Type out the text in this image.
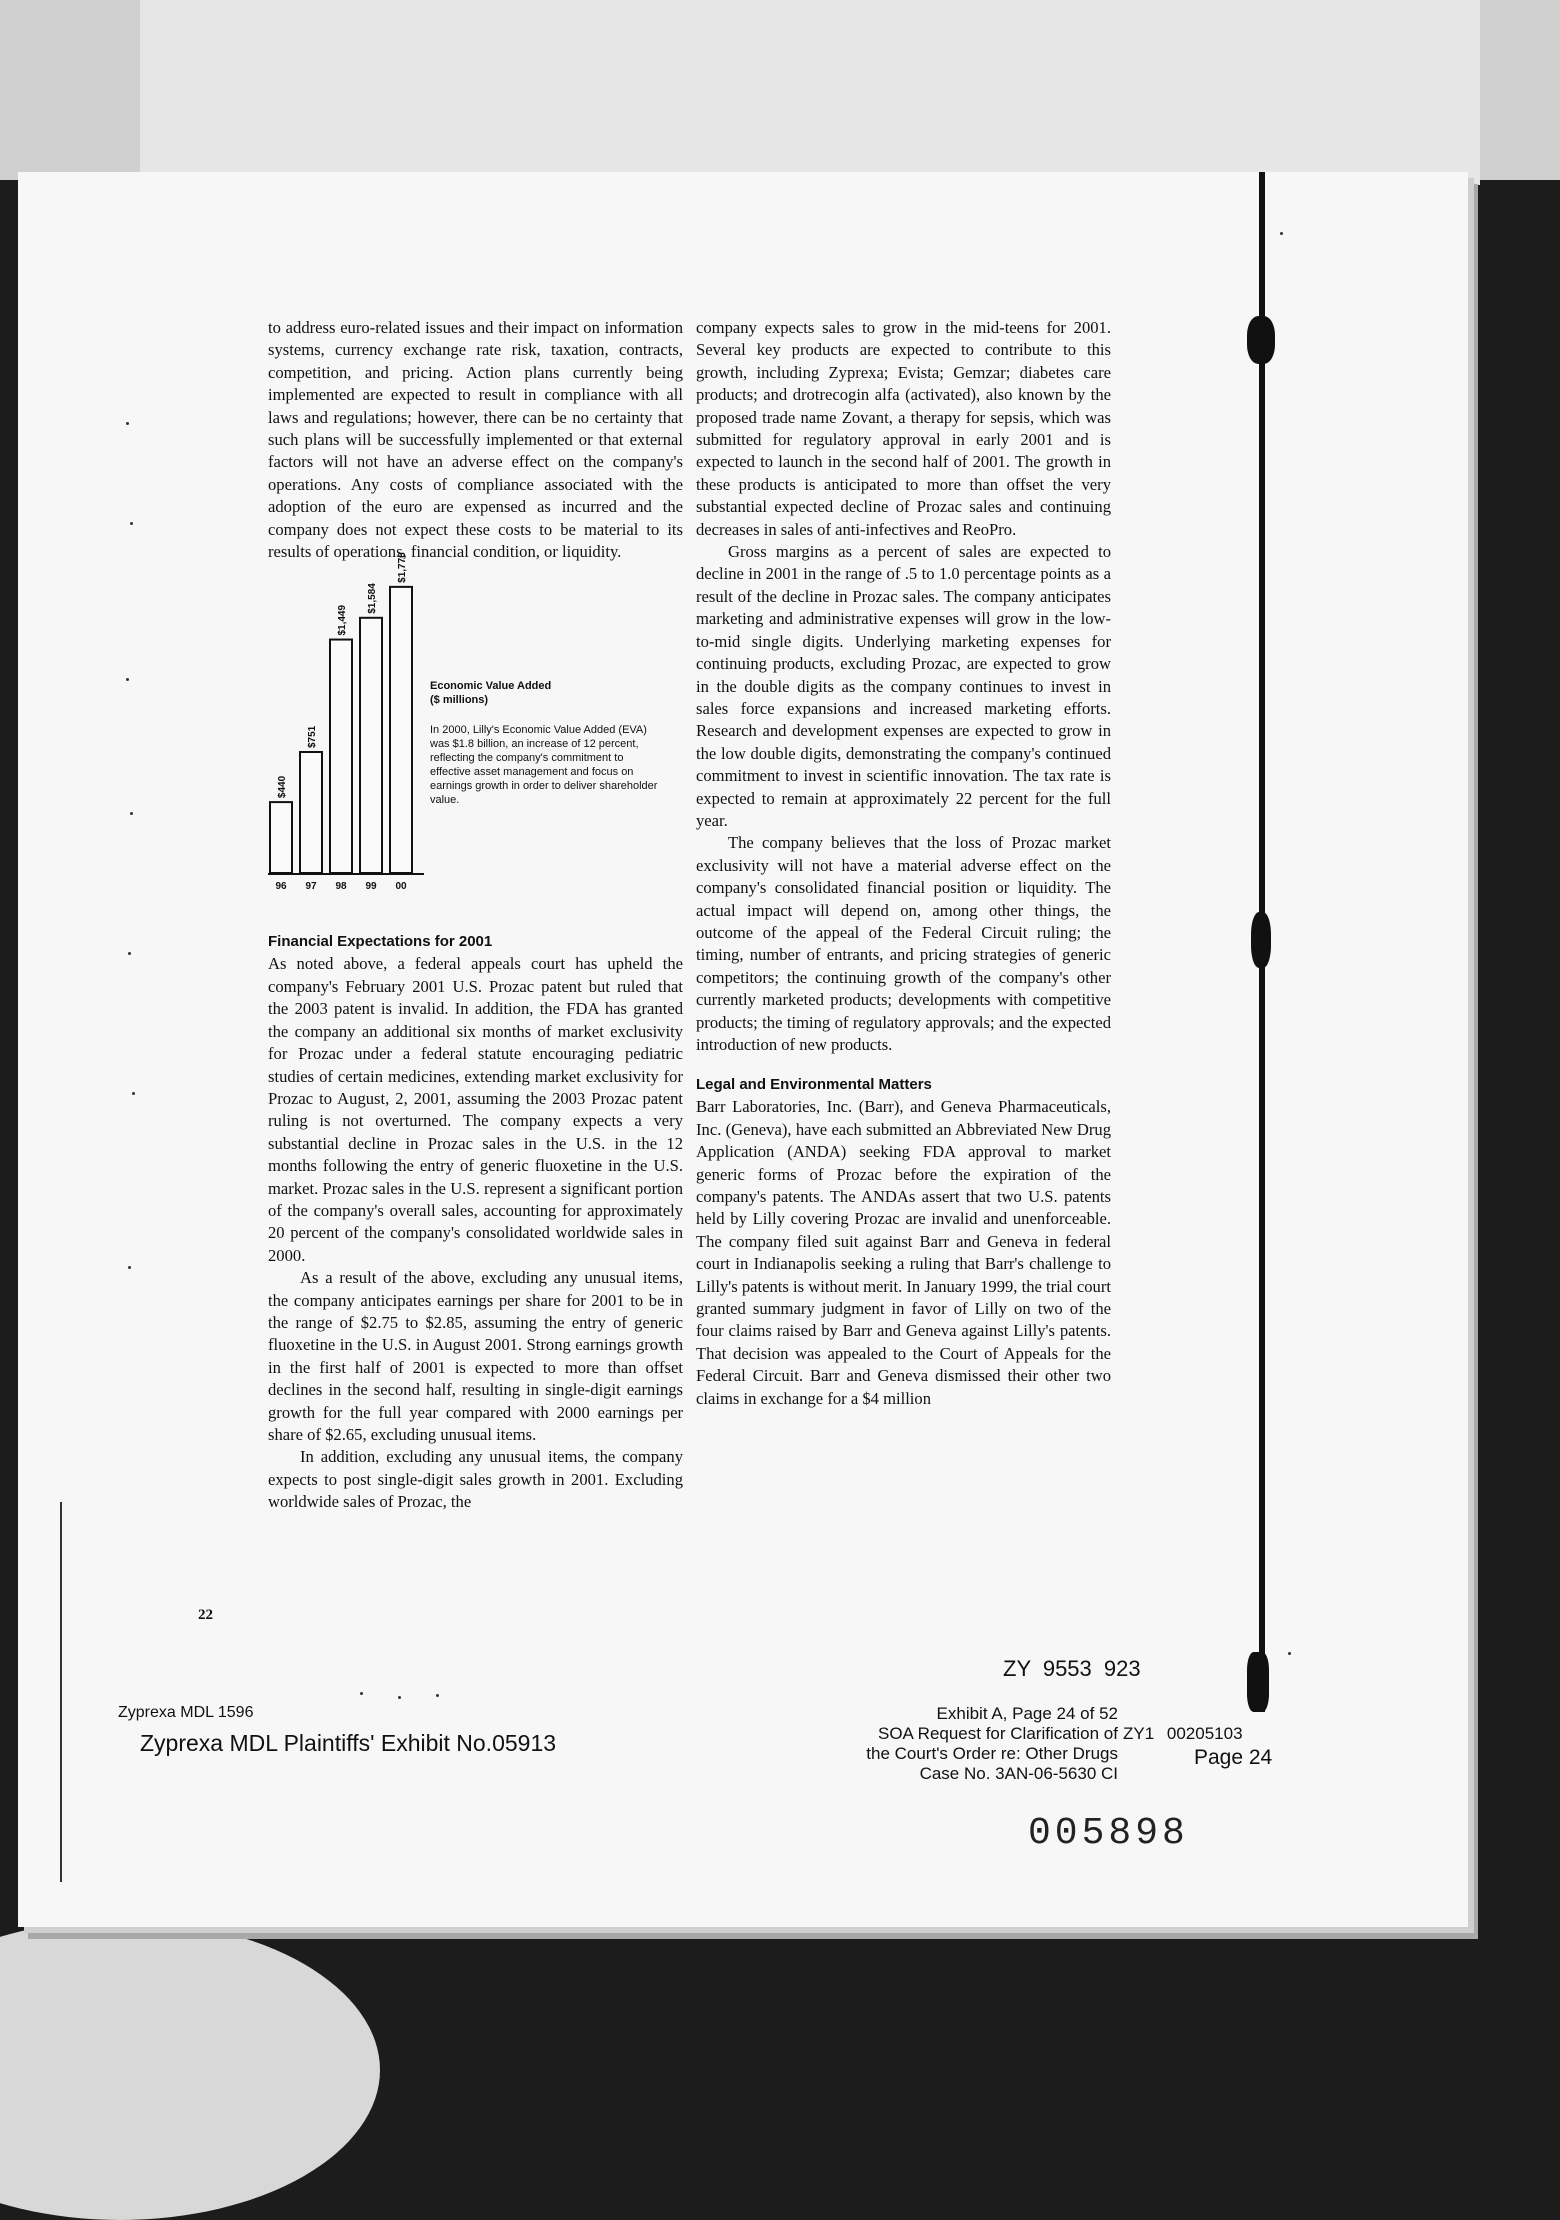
to address euro-related issues and their impact on information systems, currency exchange rate risk, taxation, contracts, competition, and pricing. Action plans currently being implemented are expected to result in compliance with all laws and regulations; however, there can be no certainty that such plans will be successfully implemented or that external factors will not have an adverse effect on the company's operations. Any costs of compliance associated with the adoption of the euro are expensed as incurred and the company does not expect these costs to be material to its results of operations, financial condition, or liquidity.

$440
96
$751
97
$1,449
98
$1,584
99
$1,776
00
Economic Value Added
($ millions)
In 2000, Lilly's Economic Value Added (EVA) was $1.8 billion, an increase of 12 percent, reflecting the company's commitment to effective asset management and focus on earnings growth in order to deliver shareholder value.
Financial Expectations for 2001

As noted above, a federal appeals court has upheld the company's February 2001 U.S. Prozac patent but ruled that the 2003 patent is invalid. In addition, the FDA has granted the company an additional six months of market exclusivity for Prozac under a federal statute encouraging pediatric studies of certain medicines, extending market exclusivity for Prozac to August, 2, 2001, assuming the 2003 Prozac patent ruling is not overturned. The company expects a very substantial decline in Prozac sales in the U.S. in the 12 months following the entry of generic fluoxetine in the U.S. market. Prozac sales in the U.S. represent a significant portion of the company's overall sales, accounting for approximately 20 percent of the company's consolidated worldwide sales in 2000.

As a result of the above, excluding any unusual items, the company anticipates earnings per share for 2001 to be in the range of $2.75 to $2.85, assuming the entry of generic fluoxetine in the U.S. in August 2001. Strong earnings growth in the first half of 2001 is expected to more than offset declines in the second half, resulting in single-digit earnings growth for the full year compared with 2000 earnings per share of $2.65, excluding unusual items.

In addition, excluding any unusual items, the company expects to post single-digit sales growth in 2001. Excluding worldwide sales of Prozac, the

company expects sales to grow in the mid-teens for 2001. Several key products are expected to contribute to this growth, including Zyprexa; Evista; Gemzar; diabetes care products; and drotrecogin alfa (activated), also known by the proposed trade name Zovant, a therapy for sepsis, which was submitted for regulatory approval in early 2001 and is expected to launch in the second half of 2001. The growth in these products is anticipated to more than offset the very substantial expected decline of Prozac sales and continuing decreases in sales of anti-infectives and ReoPro.

Gross margins as a percent of sales are expected to decline in 2001 in the range of .5 to 1.0 percentage points as a result of the decline in Prozac sales. The company anticipates marketing and administrative expenses will grow in the low-to-mid single digits. Underlying marketing expenses for continuing products, excluding Prozac, are expected to grow in the double digits as the company continues to invest in sales force expansions and increased marketing efforts. Research and development expenses are expected to grow in the low double digits, demonstrating the company's continued commitment to invest in scientific innovation. The tax rate is expected to remain at approximately 22 percent for the full year.

The company believes that the loss of Prozac market exclusivity will not have a material adverse effect on the company's consolidated financial position or liquidity. The actual impact will depend on, among other things, the outcome of the appeal of the Federal Circuit ruling; the timing, number of entrants, and pricing strategies of generic competitors; the continuing growth of the company's other currently marketed products; developments with competitive products; the timing of regulatory approvals; and the expected introduction of new products.

Legal and Environmental Matters

Barr Laboratories, Inc. (Barr), and Geneva Pharmaceuticals, Inc. (Geneva), have each submitted an Abbreviated New Drug Application (ANDA) seeking FDA approval to market generic forms of Prozac before the expiration of the company's patents. The ANDAs assert that two U.S. patents held by Lilly covering Prozac are invalid and unenforceable. The company filed suit against Barr and Geneva in federal court in Indianapolis seeking a ruling that Barr's challenge to Lilly's patents is without merit. In January 1999, the trial court granted summary judgment in favor of Lilly on two of the four claims raised by Barr and Geneva against Lilly's patents. That decision was appealed to the Court of Appeals for the Federal Circuit. Barr and Geneva dismissed their other two claims in exchange for a $4 million

22
ZY 9553 923
Zyprexa MDL 1596
Zyprexa MDL Plaintiffs' Exhibit No.05913
Exhibit A, Page 24 of 52
SOA Request for Clarification of
the Court's Order re: Other Drugs
Case No. 3AN-06-5630 CI
ZY1 00205103
Page 24
005898
